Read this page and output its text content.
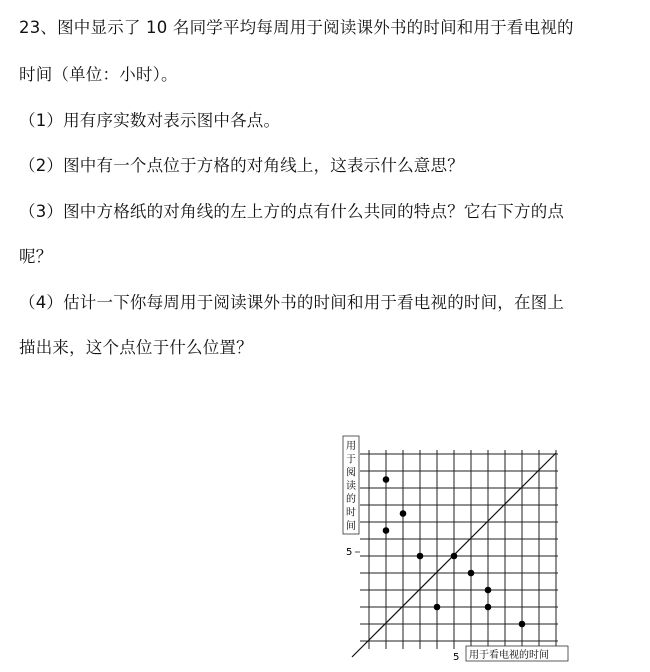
23、图中显示了 10 名同学平均每周用于阅读课外书的时间和用于看电视的
时间（单位：小时）。
（1）用有序实数对表示图中各点。
（2）图中有一个点位于方格的对角线上，这表示什么意思？
（3）图中方格纸的对角线的左上方的点有什么共同的特点？它右下方的点
呢？
（4）估计一下你每周用于阅读课外书的时间和用于看电视的时间，在图上
描出来，这个点位于什么位置？
用于阅读的时间
5
5 用于看电视的时间
